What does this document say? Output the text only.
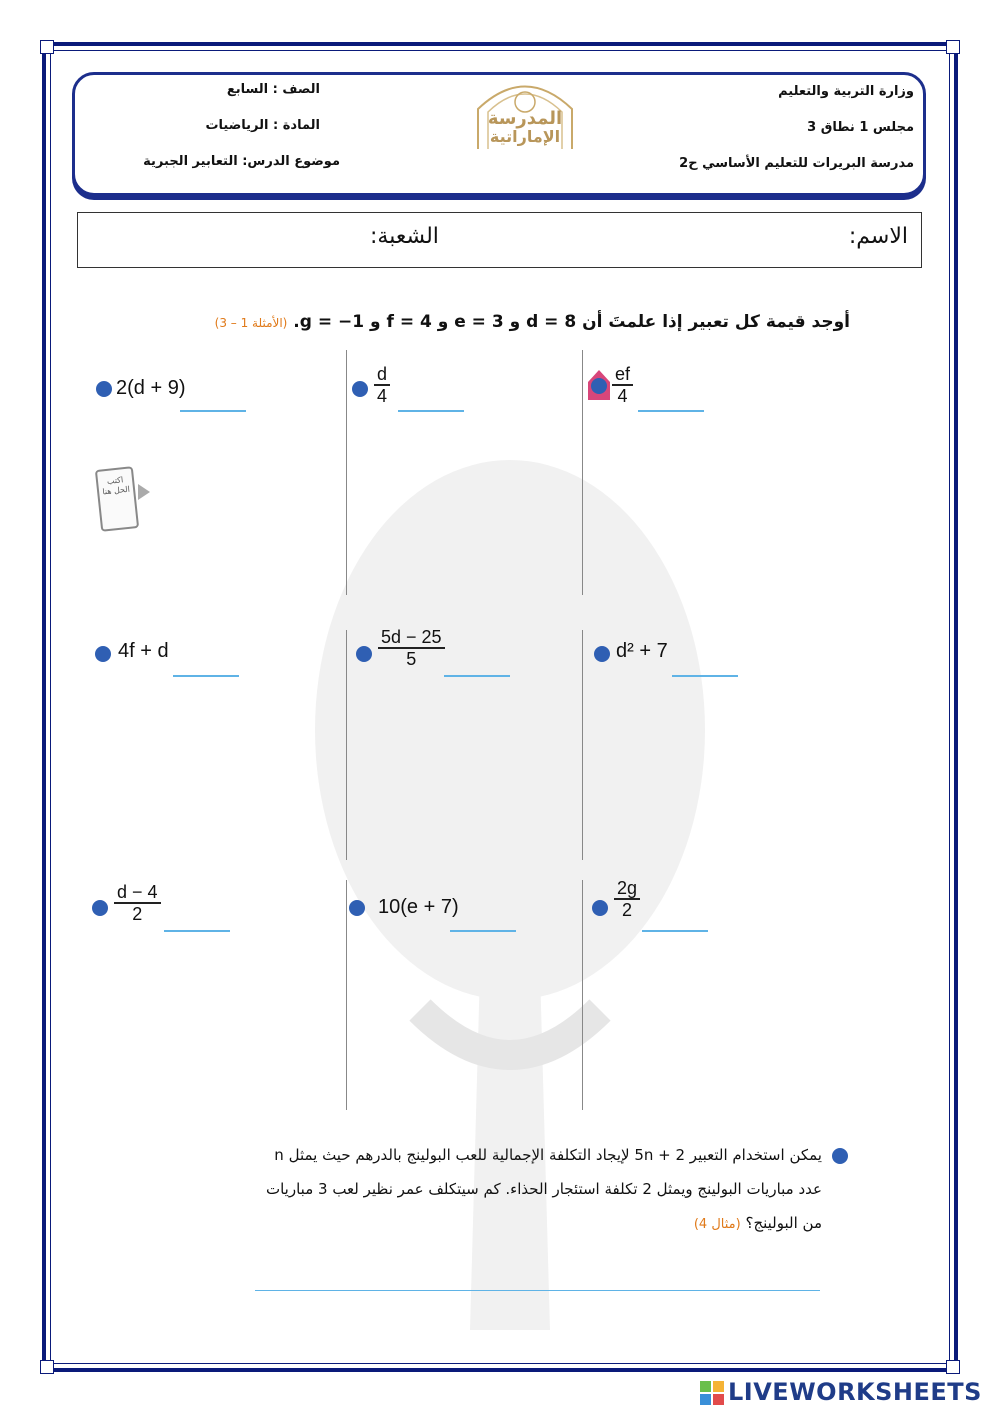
وزارة التربية والتعليم
مجلس 1 نطاق 3
مدرسة البريرات للتعليم الأساسي ح2
الصف : السابع
المادة : الرياضيات
موضوع الدرس: التعابير الجبرية
المدرسة
الإماراتية
الاسم:
الشعبة:
أوجد قيمة كل تعبير إذا علمتَ أن d = 8 و e = 3 و f = 4 و g = −1. (الأمثلة 1 – 3)
2(d + 9)	$\frac{d}{4}$	$\frac{ef}{4}$
اكتب الحل هنا
4f + d	$\frac{5d - 25}{5}$	d² + 7
$\frac{d - 4}{2}$	10(e + 7)	$\frac{2g}{2}$
يمكن استخدام التعبير 5n + 2 لإيجاد التكلفة الإجمالية للعب البولينج بالدرهم حيث يمثل n
عدد مباريات البولينج ويمثل 2 تكلفة استئجار الحذاء. كم سيتكلف عمر نظير لعب 3 مباريات
من البولينج؟ (مثال 4)
LIVEWORKSHEETS
